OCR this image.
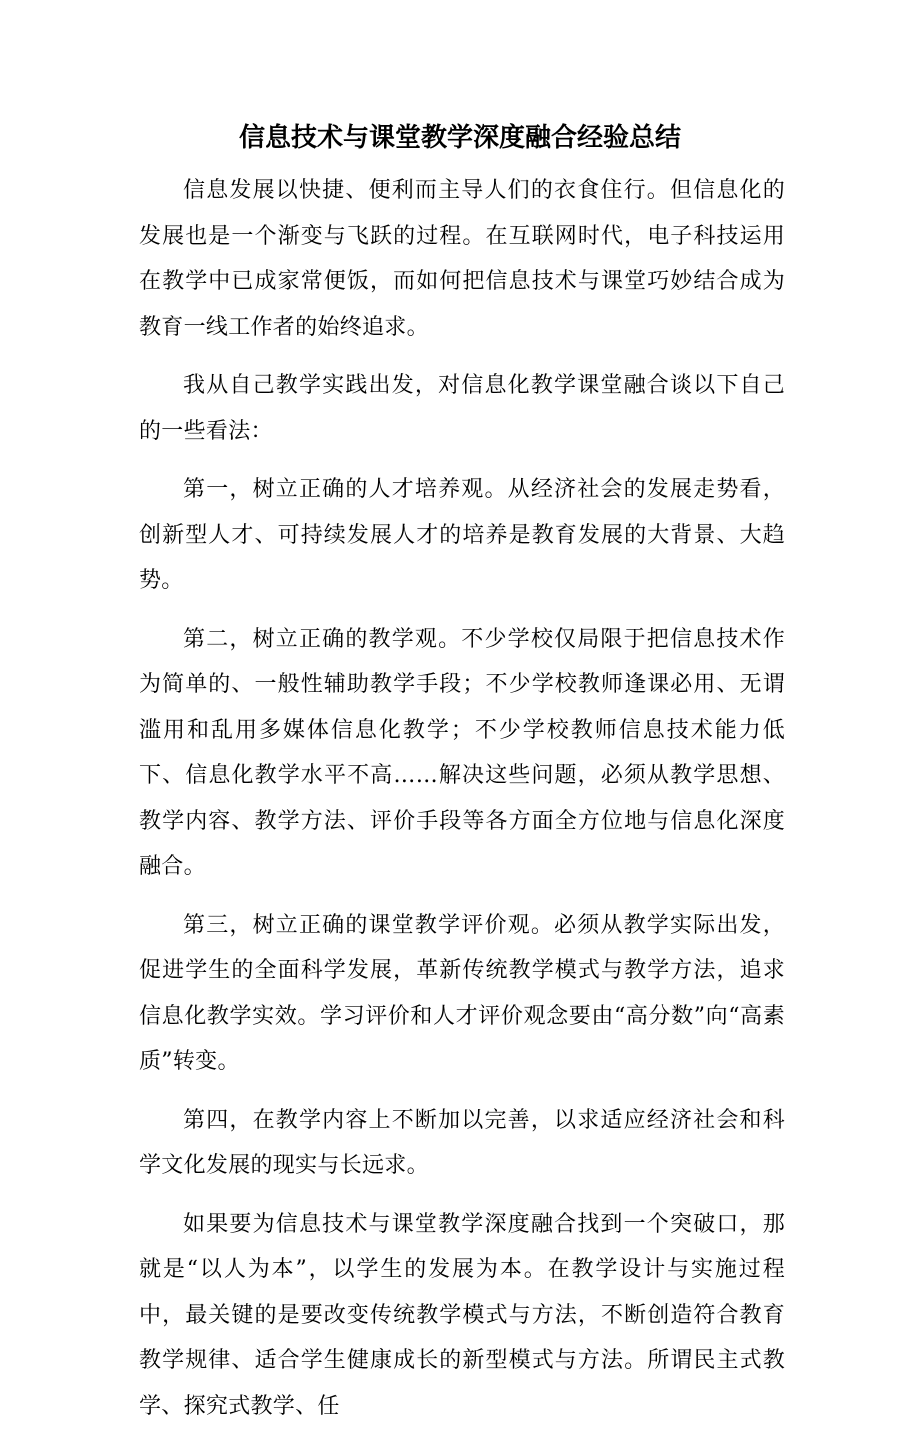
信息技术与课堂教学深度融合经验总结

信息发展以快捷、便利而主导人们的衣食住行。但信息化的发展也是一个渐变与飞跃的过程。在互联网时代，电子科技运用在教学中已成家常便饭，而如何把信息技术与课堂巧妙结合成为教育一线工作者的始终追求。

我从自己教学实践出发，对信息化教学课堂融合谈以下自己的一些看法：

第一，树立正确的人才培养观。从经济社会的发展走势看，创新型人才、可持续发展人才的培养是教育发展的大背景、大趋势。

第二，树立正确的教学观。不少学校仅局限于把信息技术作为简单的、一般性辅助教学手段；不少学校教师逢课必用、无谓滥用和乱用多媒体信息化教学；不少学校教师信息技术能力低下、信息化教学水平不高……解决这些问题，必须从教学思想、教学内容、教学方法、评价手段等各方面全方位地与信息化深度融合。

第三，树立正确的课堂教学评价观。必须从教学实际出发，促进学生的全面科学发展，革新传统教学模式与教学方法，追求信息化教学实效。学习评价和人才评价观念要由“高分数”向“高素质”转变。

第四，在教学内容上不断加以完善，以求适应经济社会和科学文化发展的现实与长远求。

如果要为信息技术与课堂教学深度融合找到一个突破口，那就是“以人为本”，以学生的发展为本。在教学设计与实施过程中，最关键的是要改变传统教学模式与方法，不断创造符合教育教学规律、适合学生健康成长的新型模式与方法。所谓民主式教学、探究式教学、任
